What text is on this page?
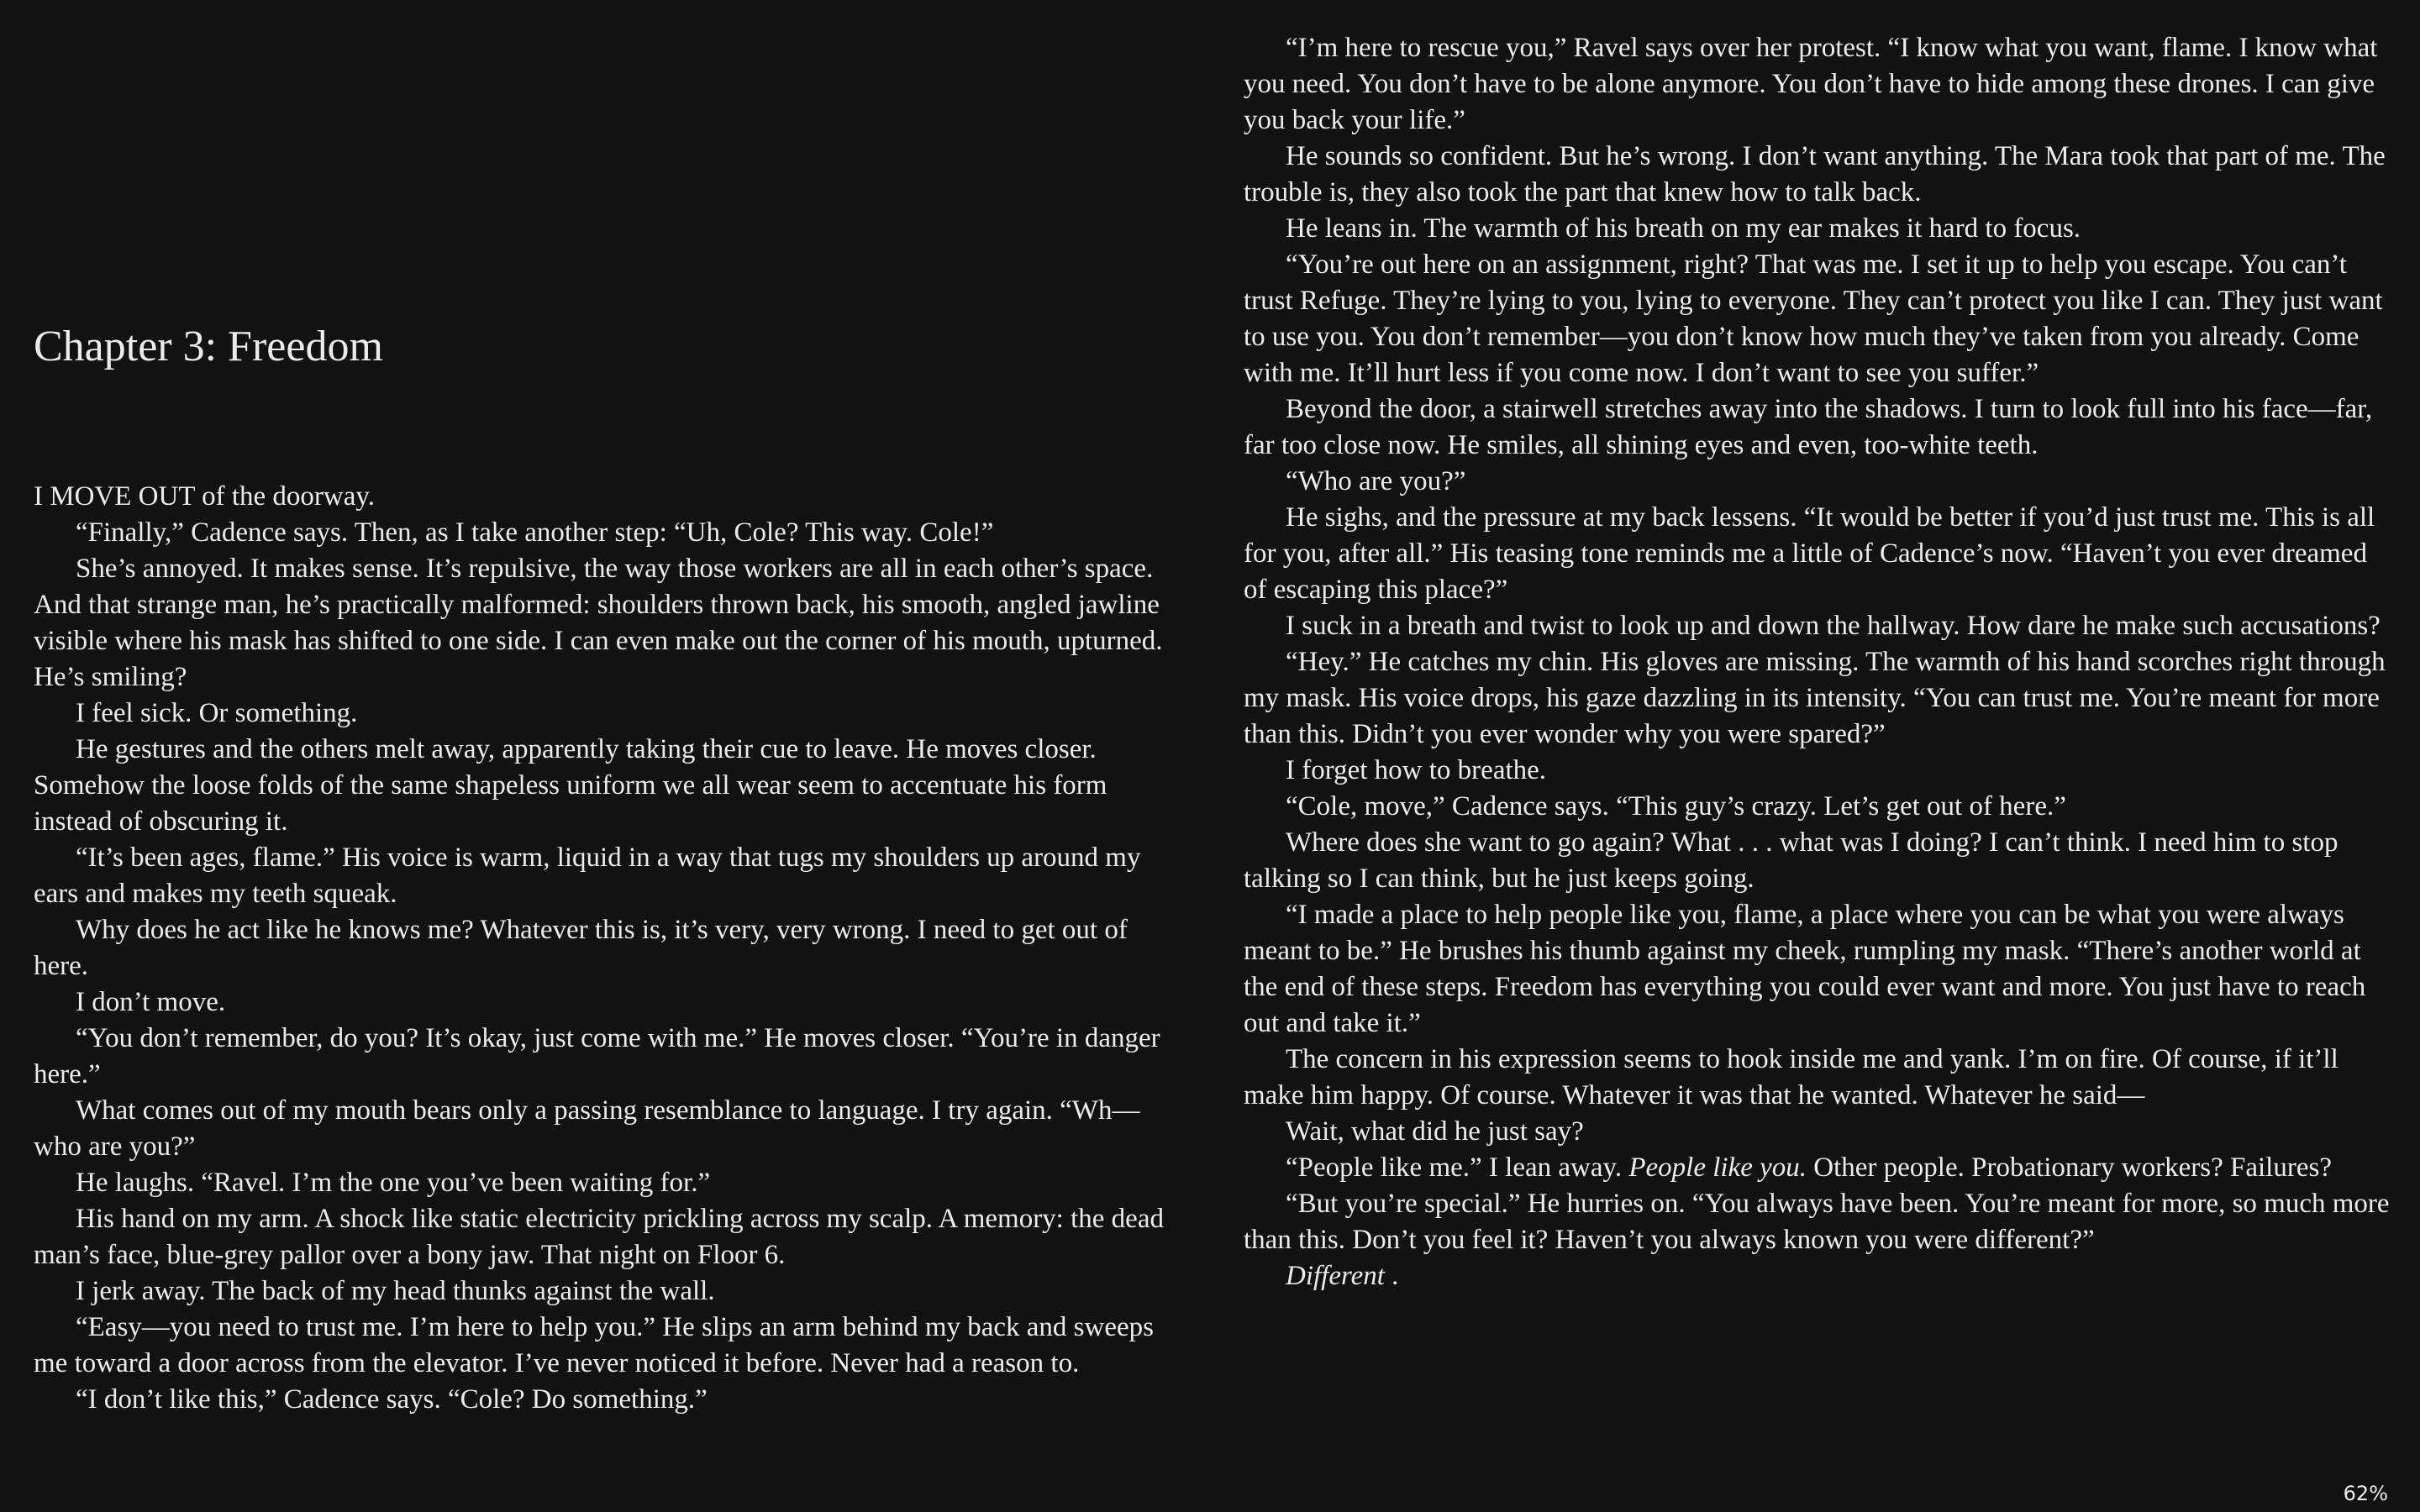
Chapter 3: Freedom

I MOVE OUT of the doorway.

“Finally,” Cadence says. Then, as I take another step: “Uh, Cole? This way. Cole!”

She’s annoyed. It makes sense. It’s repulsive, the way those workers are all in each other’s space. And that strange man, he’s practically malformed: shoulders thrown back, his smooth, angled jawline visible where his mask has shifted to one side. I can even make out the corner of his mouth, upturned. He’s smiling?

I feel sick. Or something.

He gestures and the others melt away, apparently taking their cue to leave. He moves closer. Somehow the loose folds of the same shapeless uniform we all wear seem to accentuate his form instead of obscuring it.

“It’s been ages, flame.” His voice is warm, liquid in a way that tugs my shoulders up around my ears and makes my teeth squeak.

Why does he act like he knows me? Whatever this is, it’s very, very wrong. I need to get out of here.

I don’t move.

“You don’t remember, do you? It’s okay, just come with me.” He moves closer. “You’re in danger here.”

What comes out of my mouth bears only a passing resemblance to language. I try again. “Wh—who are you?”

He laughs. “Ravel. I’m the one you’ve been waiting for.”

His hand on my arm. A shock like static electricity prickling across my scalp. A memory: the dead man’s face, blue-grey pallor over a bony jaw. That night on Floor 6.

I jerk away. The back of my head thunks against the wall.

“Easy—you need to trust me. I’m here to help you.” He slips an arm behind my back and sweeps me toward a door across from the elevator. I’ve never noticed it before. Never had a reason to.

“I don’t like this,” Cadence says. “Cole? Do something.”

“I’m here to rescue you,” Ravel says over her protest. “I know what you want, flame. I know what you need. You don’t have to be alone anymore. You don’t have to hide among these drones. I can give you back your life.”

He sounds so confident. But he’s wrong. I don’t want anything. The Mara took that part of me. The trouble is, they also took the part that knew how to talk back.

He leans in. The warmth of his breath on my ear makes it hard to focus.

“You’re out here on an assignment, right? That was me. I set it up to help you escape. You can’t trust Refuge. They’re lying to you, lying to everyone. They can’t protect you like I can. They just want to use you. You don’t remember—you don’t know how much they’ve taken from you already. Come with me. It’ll hurt less if you come now. I don’t want to see you suffer.”

Beyond the door, a stairwell stretches away into the shadows. I turn to look full into his face—far, far too close now. He smiles, all shining eyes and even, too-white teeth.

“Who are you?”

He sighs, and the pressure at my back lessens. “It would be better if you’d just trust me. This is all for you, after all.” His teasing tone reminds me a little of Cadence’s now. “Haven’t you ever dreamed of escaping this place?”

I suck in a breath and twist to look up and down the hallway. How dare he make such accusations?

“Hey.” He catches my chin. His gloves are missing. The warmth of his hand scorches right through my mask. His voice drops, his gaze dazzling in its intensity. “You can trust me. You’re meant for more than this. Didn’t you ever wonder why you were spared?”

I forget how to breathe.

“Cole, move,” Cadence says. “This guy’s crazy. Let’s get out of here.”

Where does she want to go again? What . . . what was I doing? I can’t think. I need him to stop talking so I can think, but he just keeps going.

“I made a place to help people like you, flame, a place where you can be what you were always meant to be.” He brushes his thumb against my cheek, rumpling my mask. “There’s another world at the end of these steps. Freedom has everything you could ever want and more. You just have to reach out and take it.”

The concern in his expression seems to hook inside me and yank. I’m on fire. Of course, if it’ll make him happy. Of course. Whatever it was that he wanted. Whatever he said—

Wait, what did he just say?

“People like me.” I lean away. People like you. Other people. Probationary workers? Failures?

“But you’re special.” He hurries on. “You always have been. You’re meant for more, so much more than this. Don’t you feel it? Haven’t you always known you were different?”

Different .

62%
